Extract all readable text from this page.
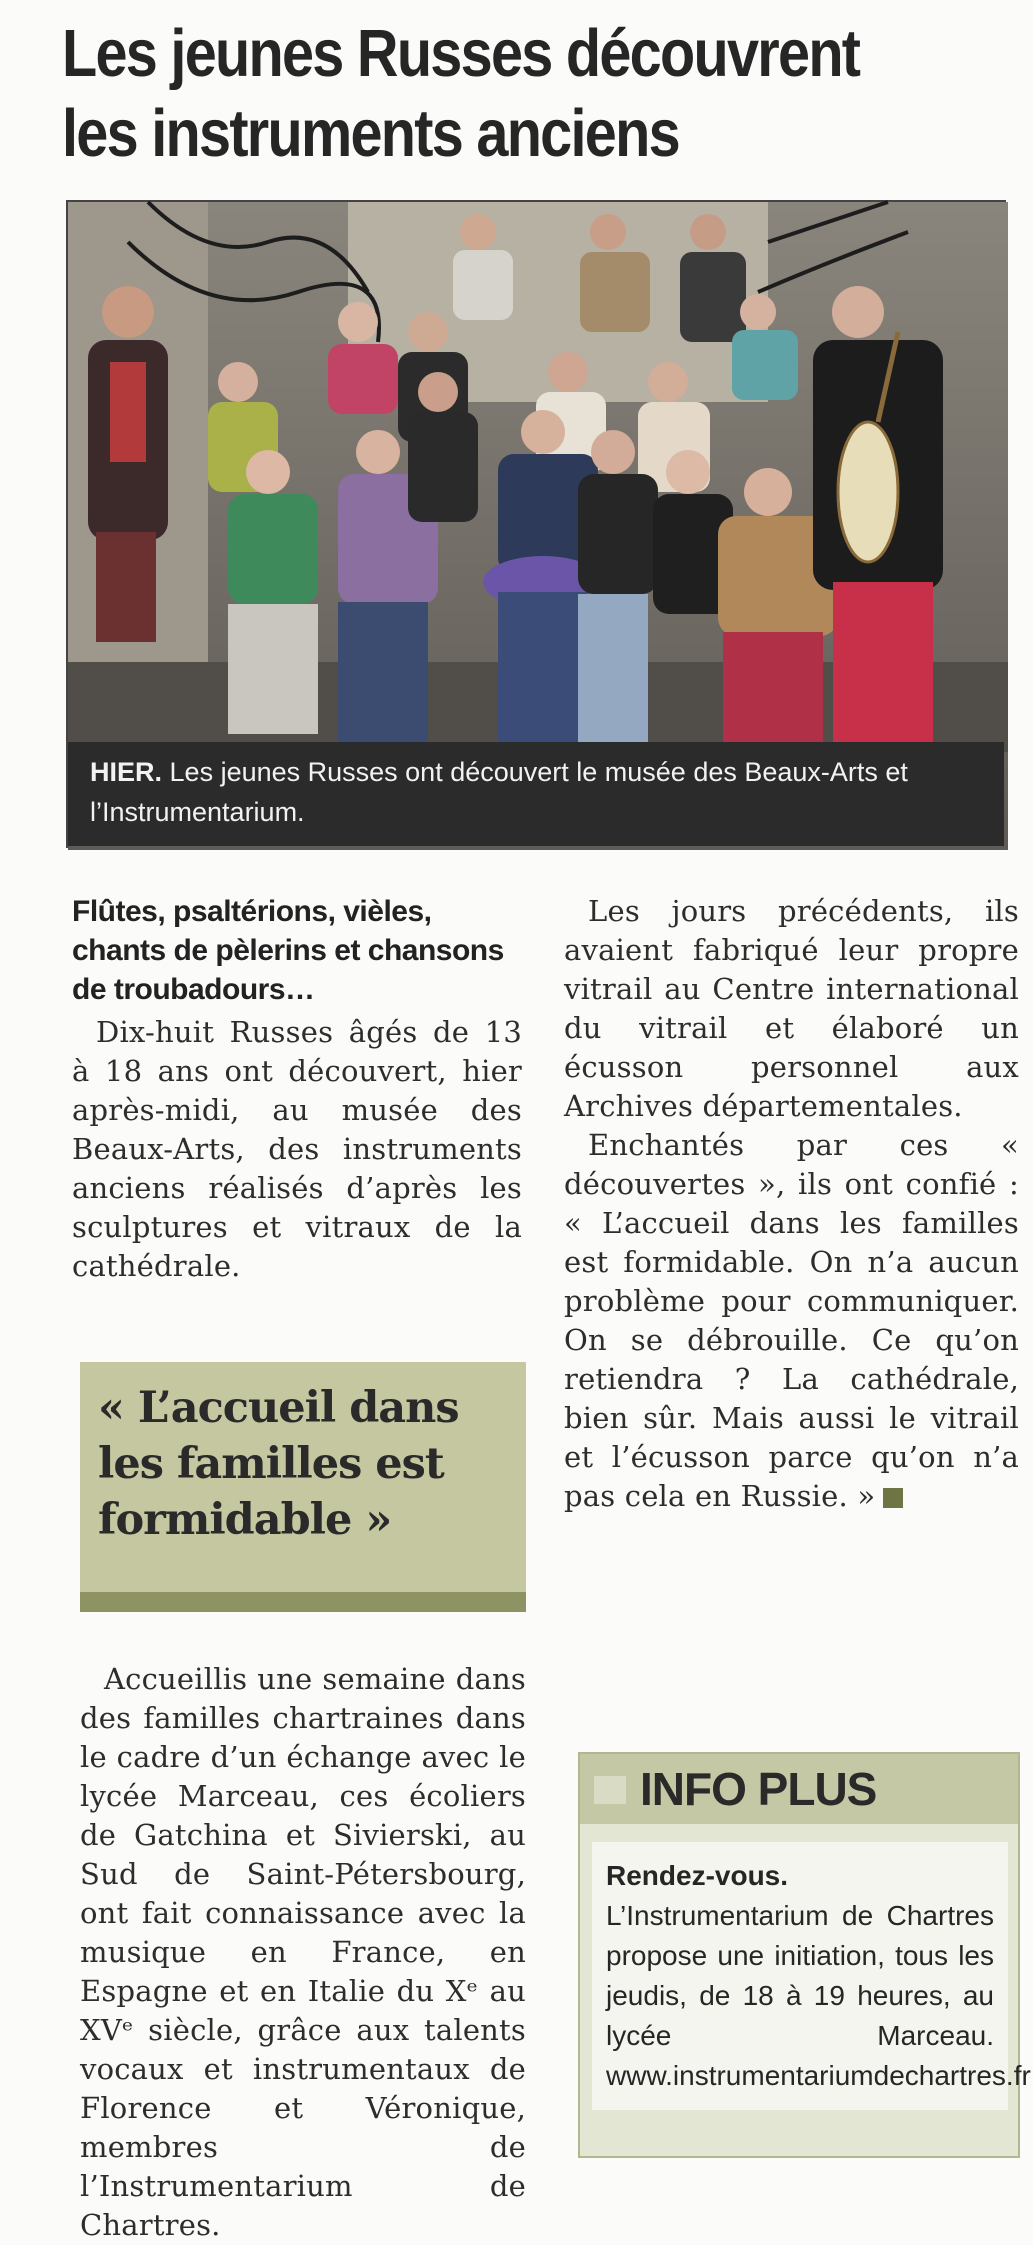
Les jeunes Russes découvrent
les instruments anciens
HIER. Les jeunes Russes ont découvert le musée des Beaux-Arts et l’Instrumentarium.

Flûtes, psaltérions, vièles, chants de pèlerins et chansons de troubadours…

Dix-huit Russes âgés de 13 à 18 ans ont découvert, hier après-midi, au musée des Beaux-Arts, des instruments anciens réalisés d’après les sculptures et vitraux de la cathédrale.

« L’accueil dans les familles est formidable »

Accueillis une semaine dans des familles chartraines dans le cadre d’un échange avec le lycée Marceau, ces écoliers de Gatchina et Sivierski, au Sud de Saint-Pétersbourg, ont fait connaissance avec la musique en France, en Espagne et en Italie du Xᵉ au XVᵉ siècle, grâce aux talents vocaux et instrumentaux de Florence et Véronique, membres de l’Instrumentarium de Chartres.

Les jours précédents, ils avaient fabriqué leur propre vitrail au Centre international du vitrail et élaboré un écusson personnel aux Archives départementales.

Enchantés par ces « découvertes », ils ont confié : « L’accueil dans les familles est formidable. On n’a aucun problème pour communiquer. On se débrouille. Ce qu’on retiendra ? La cathédrale, bien sûr. Mais aussi le vitrail et l’écusson parce qu’on n’a pas cela en Russie. »

INFO PLUS
Rendez-vous. L’Instrumentarium de Chartres propose une initiation, tous les jeudis, de 18 à 19 heures, au lycée Marceau. www.instrumentariumdechartres.fr
